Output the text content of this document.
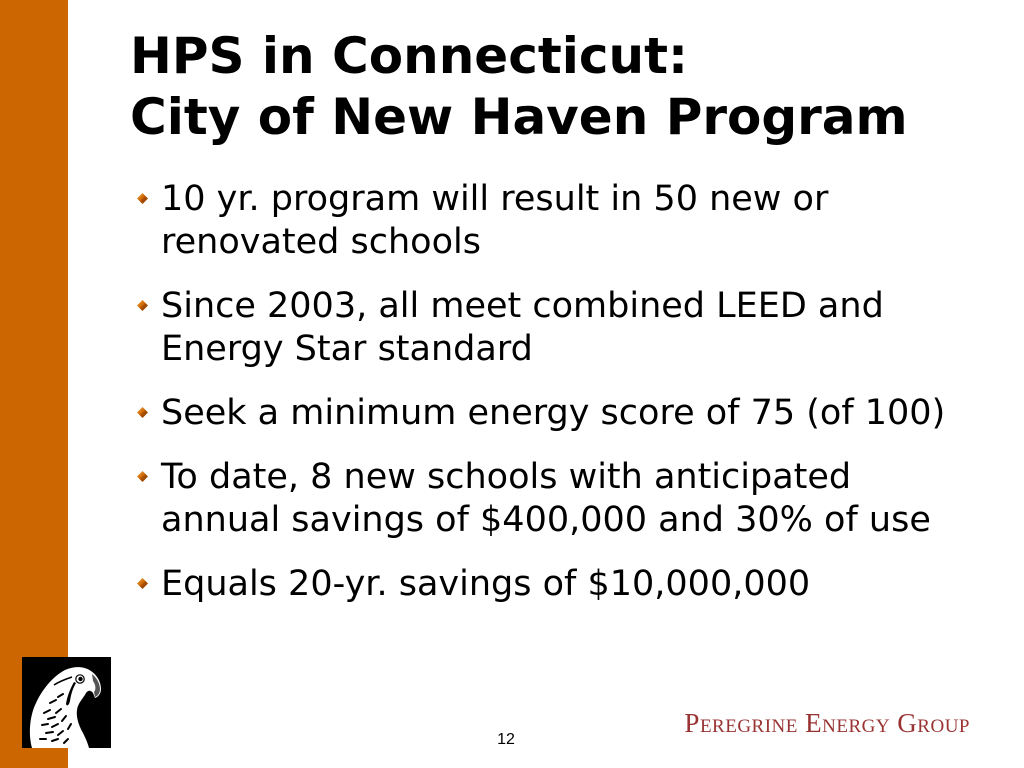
HPS in Connecticut:
City of New Haven Program
10 yr. program will result in 50 new or renovated schools
Since 2003, all meet combined LEED and Energy Star standard
Seek a minimum energy score of 75 (of 100)
To date, 8 new schools with anticipated annual savings of $400,000 and 30% of use
Equals 20-yr. savings of $10,000,000
12
Peregrine Energy Group
